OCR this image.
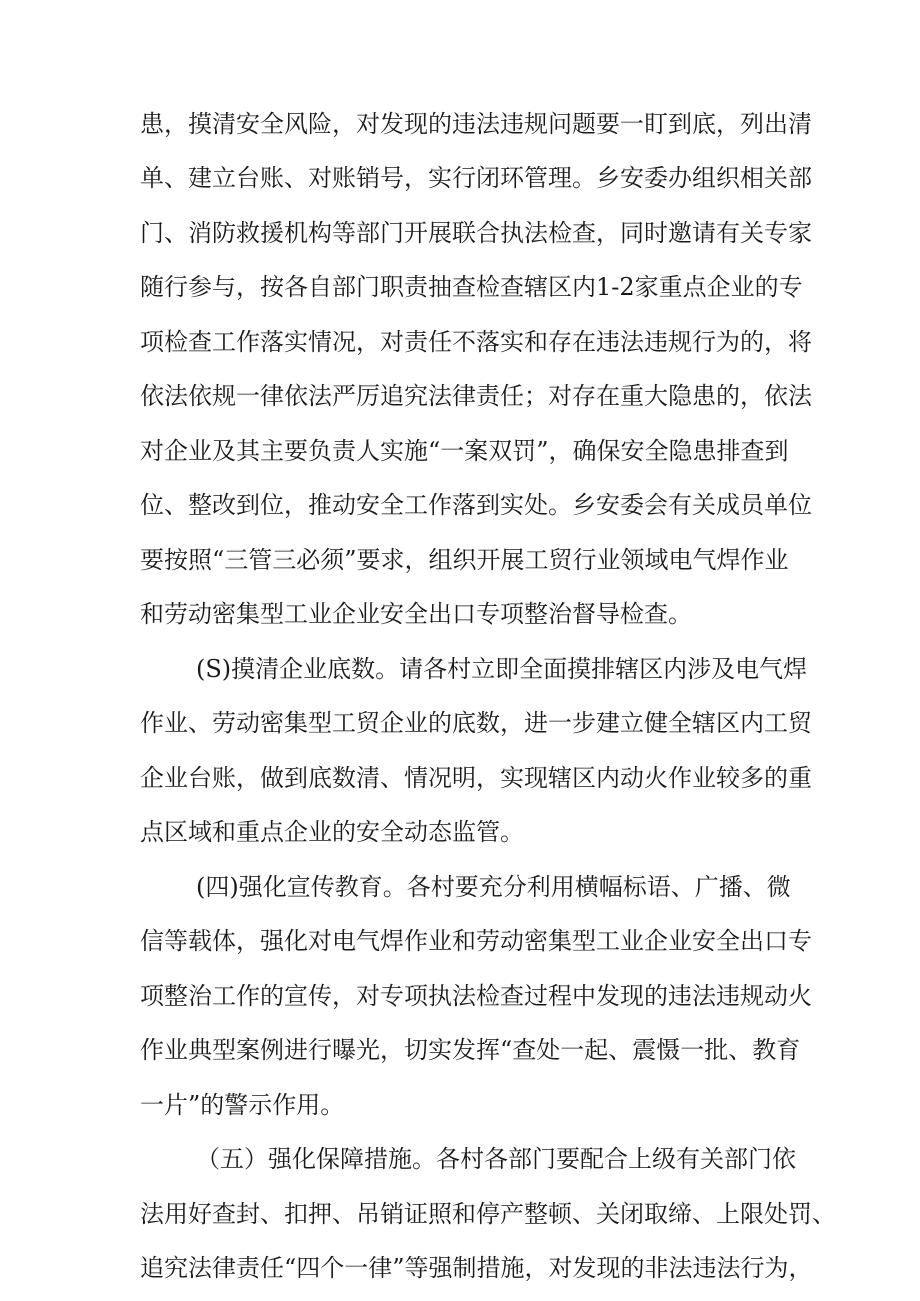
患，摸清安全风险，对发现的违法违规问题要一盯到底，列出清
单、建立台账、对账销号，实行闭环管理。乡安委办组织相关部
门、消防救援机构等部门开展联合执法检查，同时邀请有关专家
随行参与，按各自部门职责抽查检查辖区内1-2家重点企业的专
项检查工作落实情况，对责任不落实和存在违法违规行为的，将
依法依规一律依法严厉追究法律责任；对存在重大隐患的，依法
对企业及其主要负责人实施“一案双罚”，确保安全隐患排查到
位、整改到位，推动安全工作落到实处。乡安委会有关成员单位
要按照“三管三必须”要求，组织开展工贸行业领域电气焊作业
和劳动密集型工业企业安全出口专项整治督导检查。
(S)摸清企业底数。请各村立即全面摸排辖区内涉及电气焊
作业、劳动密集型工贸企业的底数，进一步建立健全辖区内工贸
企业台账，做到底数清、情况明，实现辖区内动火作业较多的重
点区域和重点企业的安全动态监管。
(四)强化宣传教育。各村要充分利用横幅标语、广播、微
信等载体，强化对电气焊作业和劳动密集型工业企业安全出口专
项整治工作的宣传，对专项执法检查过程中发现的违法违规动火
作业典型案例进行曝光，切实发挥“查处一起、震慑一批、教育
一片”的警示作用。
（五）强化保障措施。各村各部门要配合上级有关部门依
法用好查封、扣押、吊销证照和停产整顿、关闭取缔、上限处罚、
追究法律责任“四个一律”等强制措施，对发现的非法违法行为，
